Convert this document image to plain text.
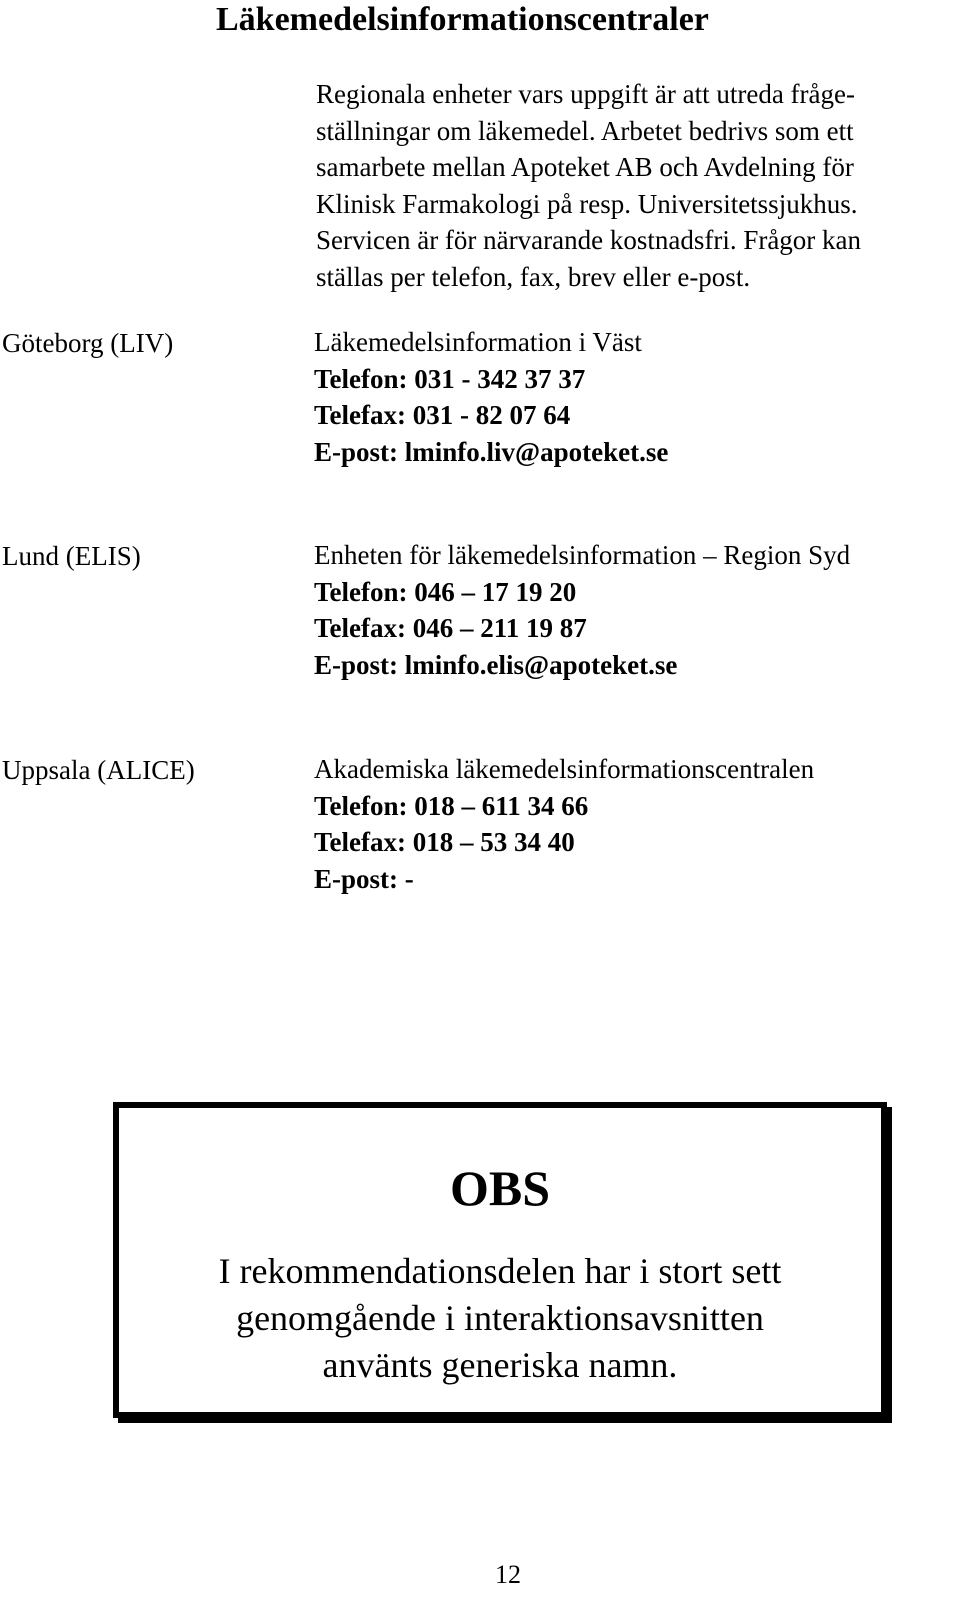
Läkemedelsinformationscentraler
Regionala enheter vars uppgift är att utreda fråge-
ställningar om läkemedel. Arbetet bedrivs som ett
samarbete mellan Apoteket AB och Avdelning för
Klinisk Farmakologi på resp. Universitetssjukhus.
Servicen är för närvarande kostnadsfri. Frågor kan
ställas per telefon, fax, brev eller e-post.
Göteborg (LIV)	Läkemedelsinformation i Väst
Telefon: 031 - 342 37 37
Telefax: 031 - 82 07 64
E-post: lminfo.liv@apoteket.se
Lund (ELIS)	Enheten för läkemedelsinformation – Region Syd
Telefon: 046 – 17 19 20
Telefax: 046 – 211 19 87
E-post: lminfo.elis@apoteket.se
Uppsala (ALICE)	Akademiska läkemedelsinformationscentralen
Telefon: 018 – 611 34 66
Telefax: 018 – 53 34 40
E-post: -
OBS
I rekommendationsdelen har i stort sett
genomgående i interaktionsavsnitten
använts generiska namn.
12
